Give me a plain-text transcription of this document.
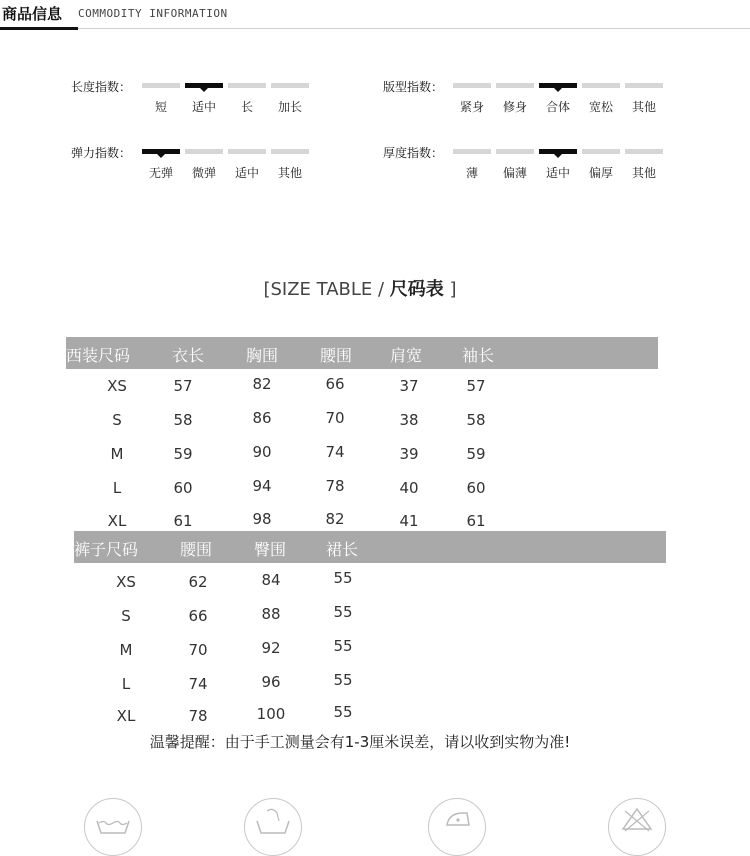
商品信息 COMMODITY INFORMATION
长度指数：
短	适中	长	加长
版型指数：
紧身	修身	合体	宽松	其他
弹力指数：
无弹	微弹	适中	其他
厚度指数：
薄	偏薄	适中	偏厚	其他
[SIZE TABLE / 尺码表 ]
西装尺码	衣长	胸围	腰围 肩宽 袖长
XS	57	82	66	37	57
S	58	86	70	38	58
M	59	90	74	39	59
L	60	94	78	40	60
XL	61	98	82	41	61
裤子尺码	腰围	臀围 裙长
XS	62	84	55
S	66	88	55
M	70	92	55
L	74	96	55
XL	78	100	55
温馨提醒：由于手工测量会有1-3厘米误差，请以收到实物为准!
